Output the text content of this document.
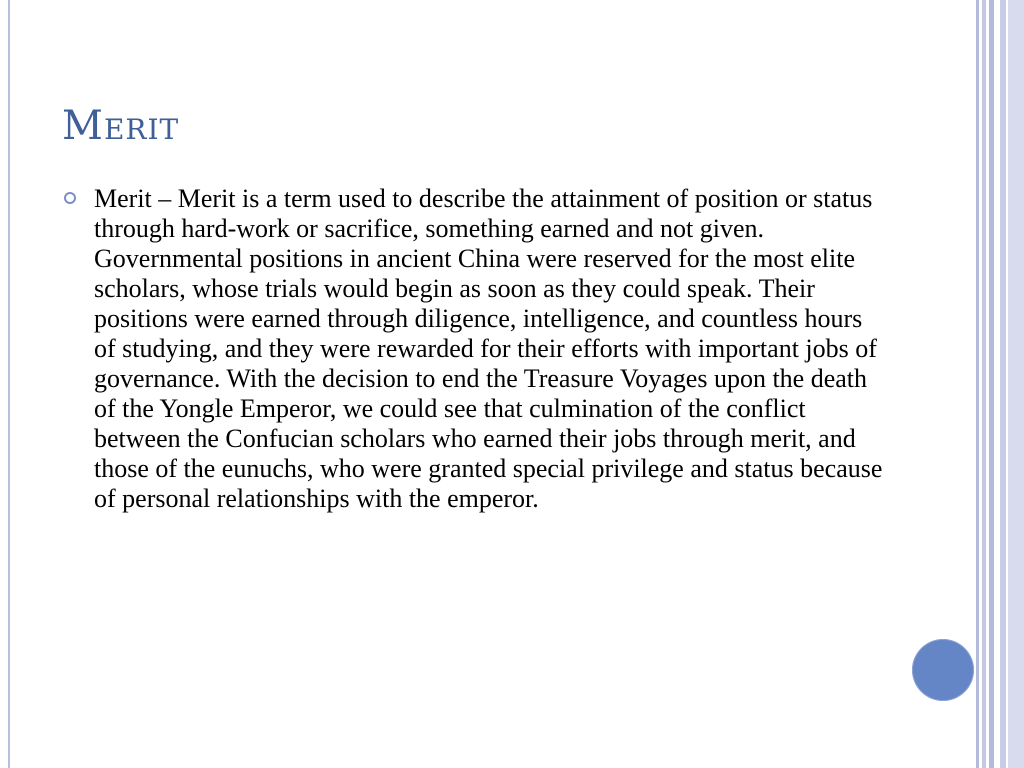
Merit

Merit – Merit is a term used to describe the attainment of position or status through hard-work or sacrifice, something earned and not given. Governmental positions in ancient China were reserved for the most elite scholars, whose trials would begin as soon as they could speak. Their positions were earned through diligence, intelligence, and countless hours of studying, and they were rewarded for their efforts with important jobs of governance. With the decision to end the Treasure Voyages upon the death of the Yongle Emperor, we could see that culmination of the conflict between the Confucian scholars who earned their jobs through merit, and those of the eunuchs, who were granted special privilege and status because of personal relationships with the emperor.
